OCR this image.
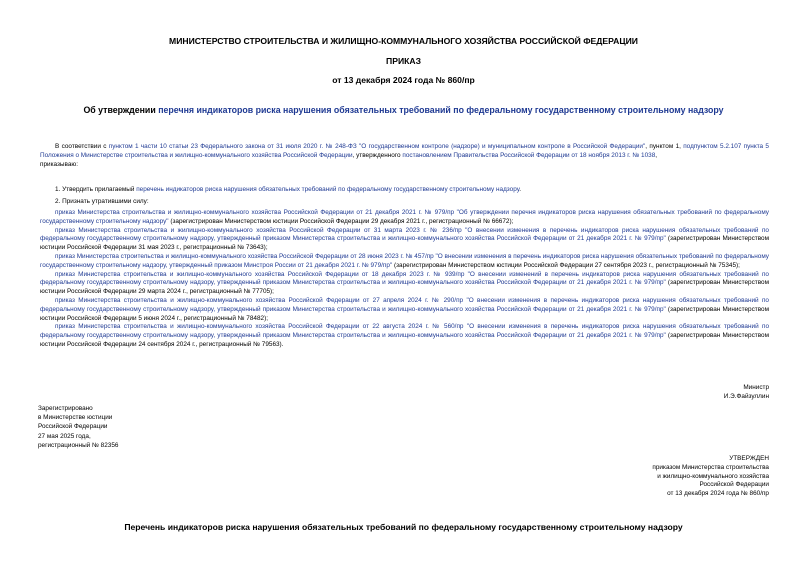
МИНИСТЕРСТВО СТРОИТЕЛЬСТВА И ЖИЛИЩНО-КОММУНАЛЬНОГО ХОЗЯЙСТВА РОССИЙСКОЙ ФЕДЕРАЦИИ
ПРИКАЗ
от 13 декабря 2024 года № 860/пр
Об утверждении перечня индикаторов риска нарушения обязательных требований по федеральному государственному строительному надзору

В соответствии с пунктом 1 части 10 статьи 23 Федерального закона от 31 июля 2020 г. № 248-ФЗ "О государственном контроле (надзоре) и муниципальном контроле в Российской Федерации", пунктом 1, подпунктом 5.2.107 пункта 5 Положения о Министерстве строительства и жилищно-коммунального хозяйства Российской Федерации, утвержденного постановлением Правительства Российской Федерации от 18 ноября 2013 г. № 1038,

приказываю:

1. Утвердить прилагаемый перечень индикаторов риска нарушения обязательных требований по федеральному государственному строительному надзору.

2. Признать утратившими силу:

приказ Министерства строительства и жилищно-коммунального хозяйства Российской Федерации от 21 декабря 2021 г. № 979/пр "Об утверждении перечня индикаторов риска нарушения обязательных требований по федеральному государственному строительному надзору" (зарегистрирован Министерством юстиции Российской Федерации 29 декабря 2021 г., регистрационный № 66672);

приказ Министерства строительства и жилищно-коммунального хозяйства Российской Федерации от 31 марта 2023 г. № 236/пр "О внесении изменения в перечень индикаторов риска нарушения обязательных требований по федеральному государственному строительному надзору, утвержденный приказом Министерства строительства и жилищно-коммунального хозяйства Российской Федерации от 21 декабря 2021 г. № 979/пр" (зарегистрирован Министерством юстиции Российской Федерации 31 мая 2023 г., регистрационный № 73643);

приказ Министерства строительства и жилищно-коммунального хозяйства Российской Федерации от 28 июня 2023 г. № 457/пр "О внесении изменения в перечень индикаторов риска нарушения обязательных требований по федеральному государственному строительному надзору, утвержденный приказом Минстроя России от 21 декабря 2021 г. № 979/пр" (зарегистрирован Министерством юстиции Российской Федерации 27 сентября 2023 г., регистрационный № 75345);

приказ Министерства строительства и жилищно-коммунального хозяйства Российской Федерации от 18 декабря 2023 г. № 939/пр "О внесении изменений в перечень индикаторов риска нарушения обязательных требований по федеральному государственному строительному надзору, утвержденный приказом Министерства строительства и жилищно-коммунального хозяйства Российской Федерации от 21 декабря 2021 г. № 979/пр" (зарегистрирован Министерством юстиции Российской Федерации 29 марта 2024 г., регистрационный № 77705);

приказ Министерства строительства и жилищно-коммунального хозяйства Российской Федерации от 27 апреля 2024 г. № 290/пр "О внесении изменения в перечень индикаторов риска нарушения обязательных требований по федеральному государственному строительному надзору, утвержденный приказом Министерства строительства и жилищно-коммунального хозяйства Российской Федерации от 21 декабря 2021 г. № 979/пр" (зарегистрирован Министерством юстиции Российской Федерации 5 июня 2024 г., регистрационный № 78482);

приказ Министерства строительства и жилищно-коммунального хозяйства Российской Федерации от 22 августа 2024 г. № 560/пр "О внесении изменения в перечень индикаторов риска нарушения обязательных требований по федеральному государственному строительному надзору, утвержденный приказом Министерства строительства и жилищно-коммунального хозяйства Российской Федерации от 21 декабря 2021 г. № 979/пр" (зарегистрирован Министерством юстиции Российской Федерации 24 сентября 2024 г., регистрационный № 79563).

Министр
И.Э.Файзуллин
Зарегистрировано
в Министерстве юстиции
Российской Федерации
27 мая 2025 года,
регистрационный № 82356
УТВЕРЖДЕН
приказом Министерства строительства
и жилищно-коммунального хозяйства
Российской Федерации
от 13 декабря 2024 года № 860/пр
Перечень индикаторов риска нарушения обязательных требований по федеральному государственному строительному надзору
